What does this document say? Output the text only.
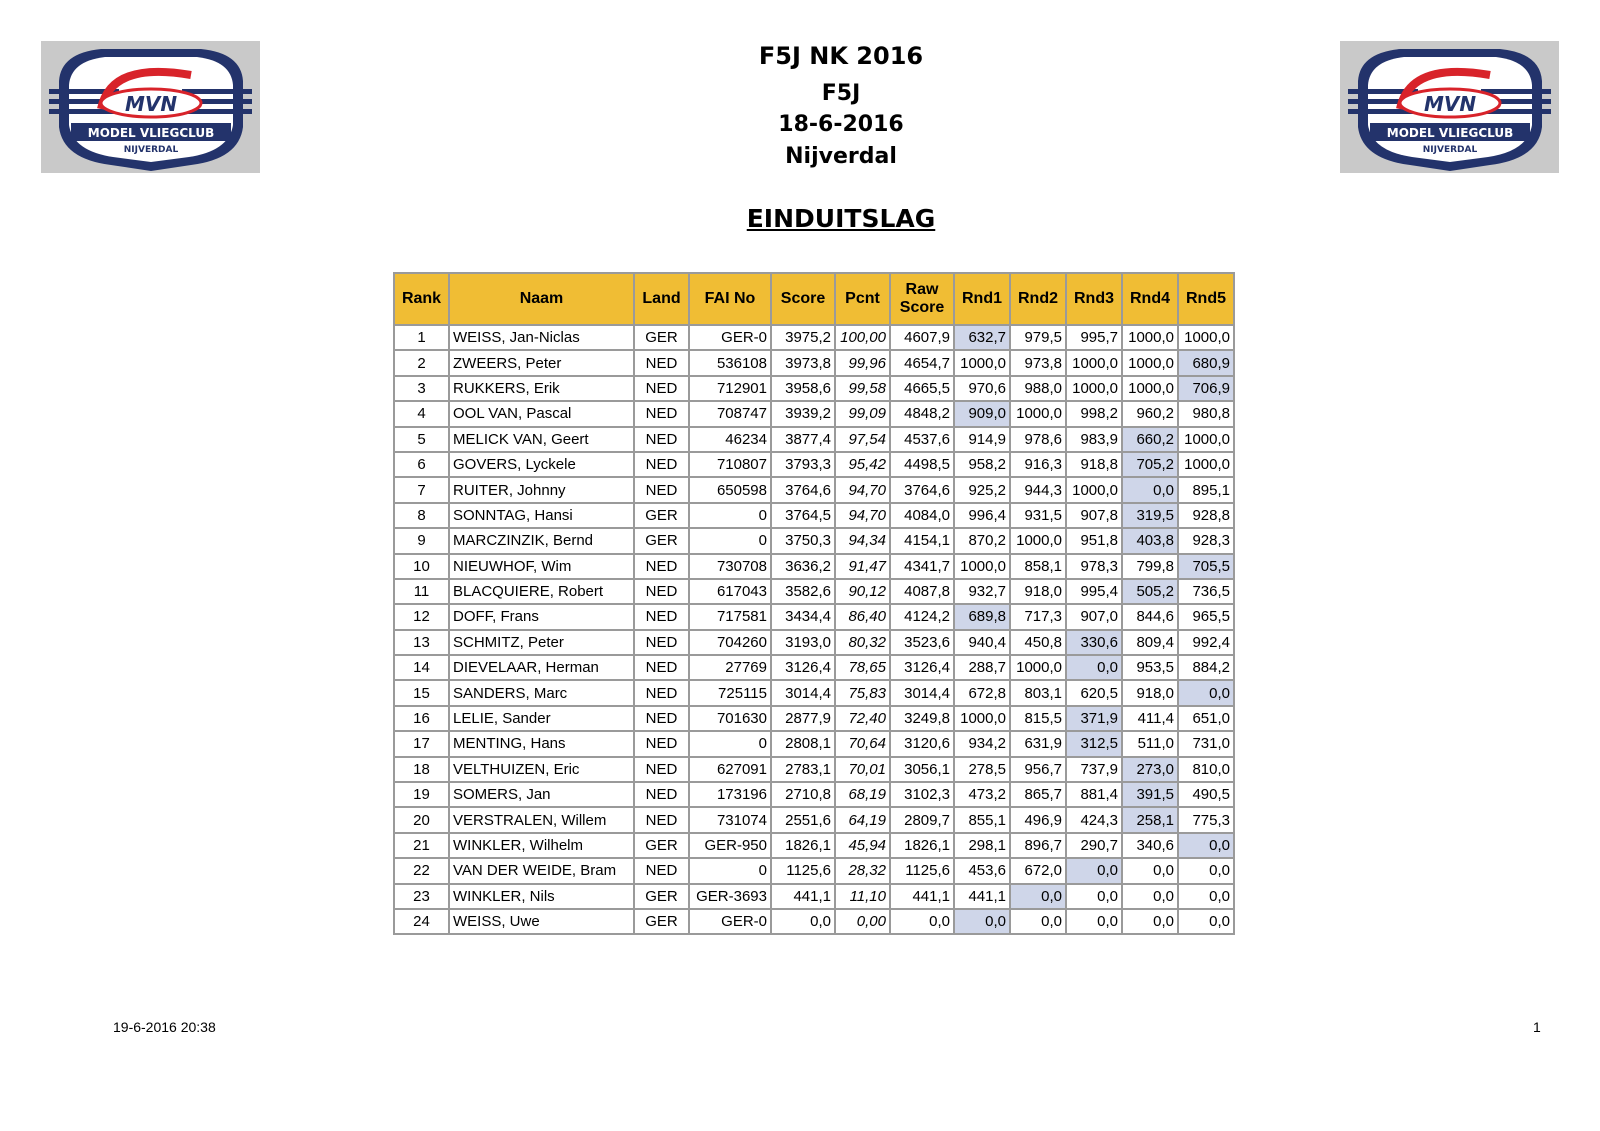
MVN
MODEL VLIEGCLUB
NIJVERDAL
MVN
MODEL VLIEGCLUB
NIJVERDAL
F5J NK 2016
F5J
18-6-2016
Nijverdal
EINDUITSLAG
Rank	Naam	Land	FAI No	Score	Pcnt	Raw Score	Rnd1	Rnd2	Rnd3	Rnd4	Rnd5
1	WEISS, Jan-Niclas	GER	GER-0	3975,2	100,00	4607,9	632,7	979,5	995,7	1000,0	1000,0
2	ZWEERS, Peter	NED	536108	3973,8	99,96	4654,7	1000,0	973,8	1000,0	1000,0	680,9
3	RUKKERS, Erik	NED	712901	3958,6	99,58	4665,5	970,6	988,0	1000,0	1000,0	706,9
4	OOL VAN, Pascal	NED	708747	3939,2	99,09	4848,2	909,0	1000,0	998,2	960,2	980,8
5	MELICK VAN, Geert	NED	46234	3877,4	97,54	4537,6	914,9	978,6	983,9	660,2	1000,0
6	GOVERS, Lyckele	NED	710807	3793,3	95,42	4498,5	958,2	916,3	918,8	705,2	1000,0
7	RUITER, Johnny	NED	650598	3764,6	94,70	3764,6	925,2	944,3	1000,0	0,0	895,1
8	SONNTAG, Hansi	GER	0	3764,5	94,70	4084,0	996,4	931,5	907,8	319,5	928,8
9	MARCZINZIK, Bernd	GER	0	3750,3	94,34	4154,1	870,2	1000,0	951,8	403,8	928,3
10	NIEUWHOF, Wim	NED	730708	3636,2	91,47	4341,7	1000,0	858,1	978,3	799,8	705,5
11	BLACQUIERE, Robert	NED	617043	3582,6	90,12	4087,8	932,7	918,0	995,4	505,2	736,5
12	DOFF, Frans	NED	717581	3434,4	86,40	4124,2	689,8	717,3	907,0	844,6	965,5
13	SCHMITZ, Peter	NED	704260	3193,0	80,32	3523,6	940,4	450,8	330,6	809,4	992,4
14	DIEVELAAR, Herman	NED	27769	3126,4	78,65	3126,4	288,7	1000,0	0,0	953,5	884,2
15	SANDERS, Marc	NED	725115	3014,4	75,83	3014,4	672,8	803,1	620,5	918,0	0,0
16	LELIE, Sander	NED	701630	2877,9	72,40	3249,8	1000,0	815,5	371,9	411,4	651,0
17	MENTING, Hans	NED	0	2808,1	70,64	3120,6	934,2	631,9	312,5	511,0	731,0
18	VELTHUIZEN, Eric	NED	627091	2783,1	70,01	3056,1	278,5	956,7	737,9	273,0	810,0
19	SOMERS, Jan	NED	173196	2710,8	68,19	3102,3	473,2	865,7	881,4	391,5	490,5
20	VERSTRALEN, Willem	NED	731074	2551,6	64,19	2809,7	855,1	496,9	424,3	258,1	775,3
21	WINKLER, Wilhelm	GER	GER-950	1826,1	45,94	1826,1	298,1	896,7	290,7	340,6	0,0
22	VAN DER WEIDE, Bram	NED	0	1125,6	28,32	1125,6	453,6	672,0	0,0	0,0	0,0
23	WINKLER, Nils	GER	GER-3693	441,1	11,10	441,1	441,1	0,0	0,0	0,0	0,0
24	WEISS, Uwe	GER	GER-0	0,0	0,00	0,0	0,0	0,0	0,0	0,0	0,0
19-6-2016 20:38	1
